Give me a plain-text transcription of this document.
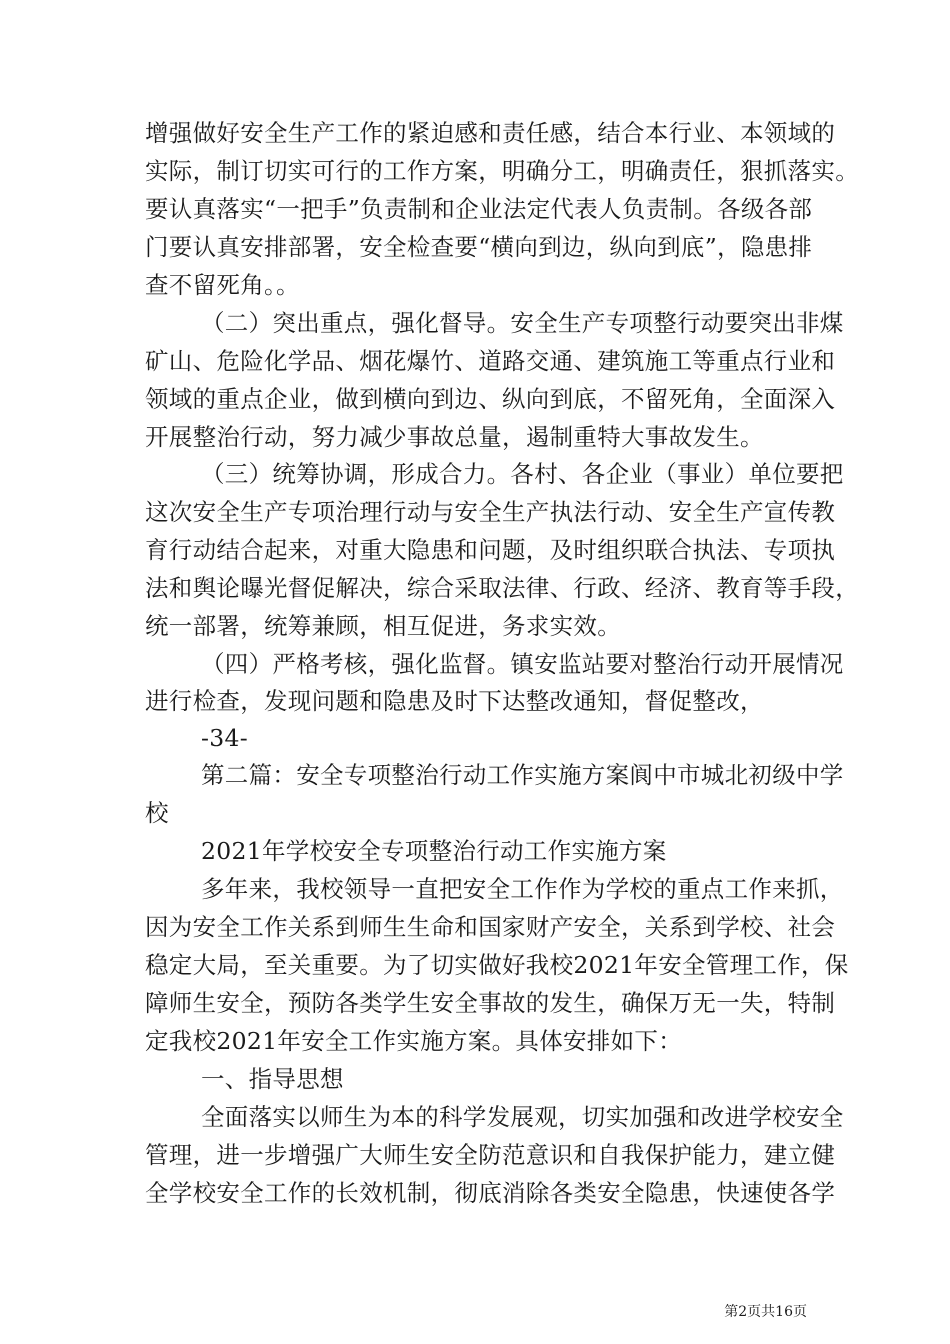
增强做好安全生产工作的紧迫感和责任感，结合本行业、本领域的
实际，制订切实可行的工作方案，明确分工，明确责任，狠抓落实。
要认真落实“一把手”负责制和企业法定代表人负责制。各级各部
门要认真安排部署，安全检查要“横向到边，纵向到底”，隐患排
查不留死角。。
（二）突出重点，强化督导。安全生产专项整行动要突出非煤
矿山、危险化学品、烟花爆竹、道路交通、建筑施工等重点行业和
领域的重点企业，做到横向到边、纵向到底，不留死角，全面深入
开展整治行动，努力减少事故总量，遏制重特大事故发生。
（三）统筹协调，形成合力。各村、各企业（事业）单位要把
这次安全生产专项治理行动与安全生产执法行动、安全生产宣传教
育行动结合起来，对重大隐患和问题，及时组织联合执法、专项执
法和舆论曝光督促解决，综合采取法律、行政、经济、教育等手段，
统一部署，统筹兼顾，相互促进，务求实效。
（四）严格考核，强化监督。镇安监站要对整治行动开展情况
进行检查，发现问题和隐患及时下达整改通知，督促整改，
-34-
第二篇：安全专项整治行动工作实施方案阆中市城北初级中学
校
2021年学校安全专项整治行动工作实施方案
多年来，我校领导一直把安全工作作为学校的重点工作来抓，
因为安全工作关系到师生生命和国家财产安全，关系到学校、社会
稳定大局，至关重要。为了切实做好我校2021年安全管理工作，保
障师生安全，预防各类学生安全事故的发生，确保万无一失，特制
定我校2021年安全工作实施方案。具体安排如下：
一、指导思想
全面落实以师生为本的科学发展观，切实加强和改进学校安全
管理，进一步增强广大师生安全防范意识和自我保护能力，建立健
全学校安全工作的长效机制，彻底消除各类安全隐患，快速使各学
第2页共16页
